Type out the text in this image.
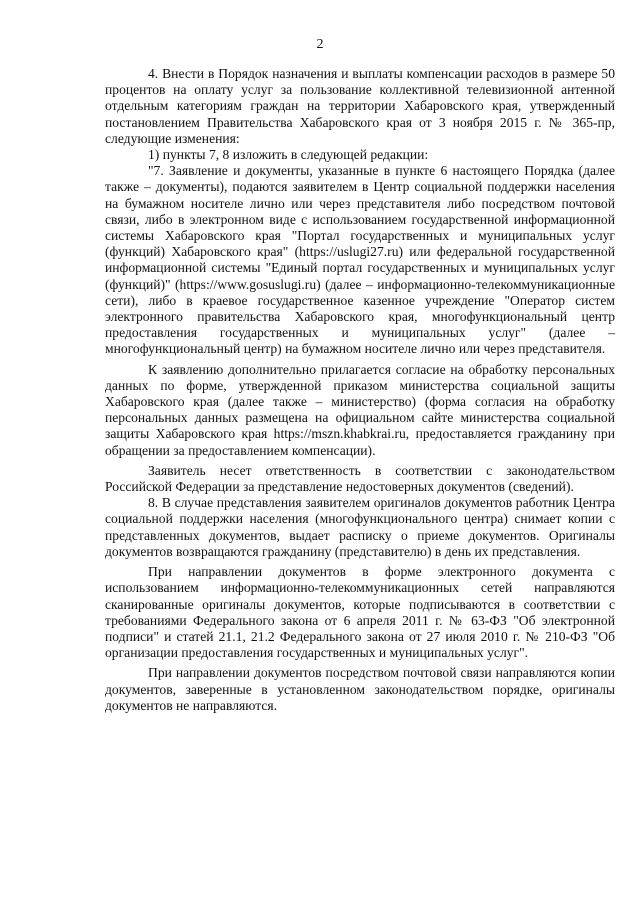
2

4. Внести в Порядок назначения и выплаты компенсации расходов в размере 50 процентов на оплату услуг за пользование коллективной телевизионной антенной отдельным категориям граждан на территории Хабаровского края, утвержденный постановлением Правительства Хабаровского края от 3 ноября 2015 г. № 365-пр, следующие изменения:

1) пункты 7, 8 изложить в следующей редакции:

"7. Заявление и документы, указанные в пункте 6 настоящего Порядка (далее также – документы), подаются заявителем в Центр социальной поддержки населения на бумажном носителе лично или через представителя либо посредством почтовой связи, либо в электронном виде с использованием государственной информационной системы Хабаровского края "Портал государственных и муниципальных услуг (функций) Хабаровского края" (https://uslugi27.ru) или федеральной государственной информационной системы "Единый портал государственных и муниципальных услуг (функций)" (https://www.gosuslugi.ru) (далее – информационно-телекоммуникационные сети), либо в краевое государственное казенное учреждение "Оператор систем электронного правительства Хабаровского края, многофункциональный центр предоставления государственных и муниципальных услуг" (далее – многофункциональный центр) на бумажном носителе лично или через представителя.

К заявлению дополнительно прилагается согласие на обработку персональных данных по форме, утвержденной приказом министерства социальной защиты Хабаровского края (далее также – министерство) (форма согласия на обработку персональных данных размещена на официальном сайте министерства социальной защиты Хабаровского края https://mszn.khabkrai.ru, предоставляется гражданину при обращении за предоставлением компенсации).

Заявитель несет ответственность в соответствии с законодательством Российской Федерации за представление недостоверных документов (сведений).

8. В случае представления заявителем оригиналов документов работник Центра социальной поддержки населения (многофункционального центра) снимает копии с представленных документов, выдает расписку о приеме документов. Оригиналы документов возвращаются гражданину (представителю) в день их представления.

При направлении документов в форме электронного документа с использованием информационно-телекоммуникационных сетей направляются сканированные оригиналы документов, которые подписываются в соответствии с требованиями Федерального закона от 6 апреля 2011 г. № 63-ФЗ "Об электронной подписи" и статей 21.1, 21.2 Федерального закона от 27 июля 2010 г. № 210-ФЗ "Об организации предоставления государственных и муниципальных услуг".

При направлении документов посредством почтовой связи направляются копии документов, заверенные в установленном законодательством порядке, оригиналы документов не направляются.
